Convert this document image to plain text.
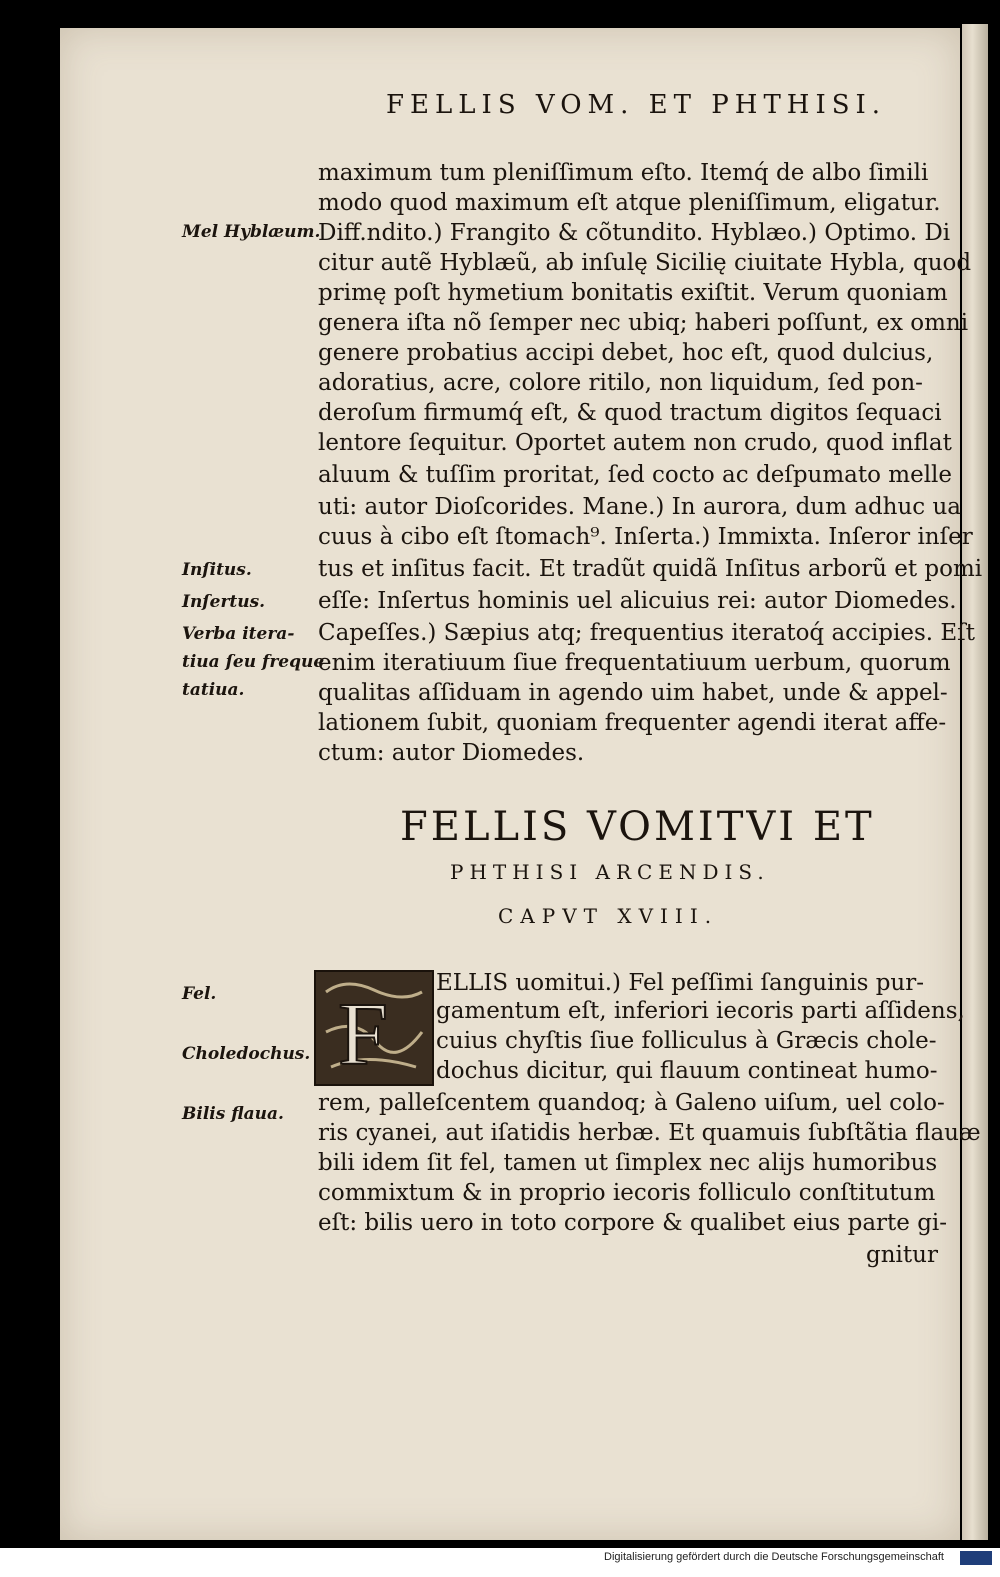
FELLIS VOM. ET PHTHISI.
maximum tum pleniſſimum eſto. Itemq́ de albo ſimili
modo quod maximum eſt atque pleniſſimum, eligatur.
Diff.ndito.) Frangito & cõtundito. Hyblæo.) Optimo. Di
citur autẽ Hyblæũ, ab inſulę Sicilię ciuitate Hybla, quod
primę poſt hymetium bonitatis exiſtit. Verum quoniam
genera iſta nõ ſemper nec ubiq; haberi poſſunt, ex omni
genere probatius accipi debet, hoc eſt, quod dulcius,
adoratius, acre, colore ritilo, non liquidum, ſed pon-
deroſum firmumq́ eſt, & quod tractum digitos ſequaci
lentore ſequitur. Oportet autem non crudo, quod inflat
aluum & tuſſim proritat, ſed cocto ac deſpumato melle
uti: autor Dioſcorides. Mane.) In aurora, dum adhuc ua
cuus à cibo eſt ſtomach⁹. Inſerta.) Immixta. Inſeror inſer
tus et inſitus facit. Et tradũt quidã Inſitus arborũ et pomi
eſſe: Inſertus hominis uel alicuius rei: autor Diomedes.
Capeſſes.) Sæpius atq; frequentius iteratoq́ accipies. Eſt
enim iteratiuum ſiue frequentatiuum uerbum, quorum
qualitas aſſiduam in agendo uim habet, unde & appel-
lationem ſubit, quoniam frequenter agendi iterat affe-
ctum: autor Diomedes.
Mel Hyblæum.
Inſitus.
Inſertus.
Verba itera-
tiua ſeu freque
tatiua.
FELLIS VOMITVI ET
PHTHISI ARCENDIS.
CAPVT XVIII.
F
ELLIS uomitui.) Fel peſſimi ſanguinis pur-
gamentum eſt, inferiori iecoris parti aſſidens,
cuius chyſtis ſiue folliculus à Græcis chole-
dochus dicitur, qui flauum contineat humo-
rem, palleſcentem quandoq; à Galeno uiſum, uel colo-
ris cyanei, aut iſatidis herbæ. Et quamuis ſubſtãtia flauæ
bili idem ſit fel, tamen ut ſimplex nec alijs humoribus
commixtum & in proprio iecoris folliculo conſtitutum
eſt: bilis uero in toto corpore & qualibet eius parte gi-
gnitur
Fel.
Choledochus.
Bilis flaua.
Digitalisierung gefördert durch die Deutsche Forschungsgemeinschaft
